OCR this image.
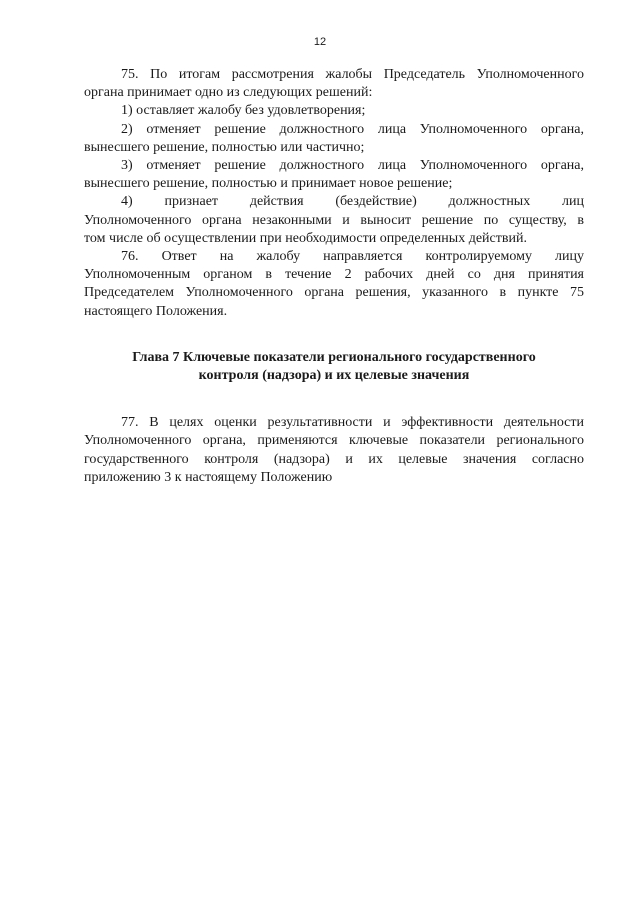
12

75. По итогам рассмотрения жалобы Председатель Уполномоченного

органа принимает одно из следующих решений:

1) оставляет жалобу без удовлетворения;

2) отменяет решение должностного лица Уполномоченного органа,

вынесшего решение, полностью или частично;

3) отменяет решение должностного лица Уполномоченного органа,

вынесшего решение, полностью и принимает новое решение;

4) признает действия (бездействие) должностных лиц

Уполномоченного органа незаконными и выносит решение по существу, в

том числе об осуществлении при необходимости определенных действий.

76. Ответ на жалобу направляется контролируемому лицу

Уполномоченным органом в течение 2 рабочих дней со дня принятия

Председателем Уполномоченного органа решения, указанного в пункте 75

настоящего Положения.

Глава 7 Ключевые показатели регионального государственного
контроля (надзора) и их целевые значения

77. В целях оценки результативности и эффективности деятельности

Уполномоченного органа, применяются ключевые показатели регионального

государственного контроля (надзора) и их целевые значения согласно

приложению 3 к настоящему Положению
